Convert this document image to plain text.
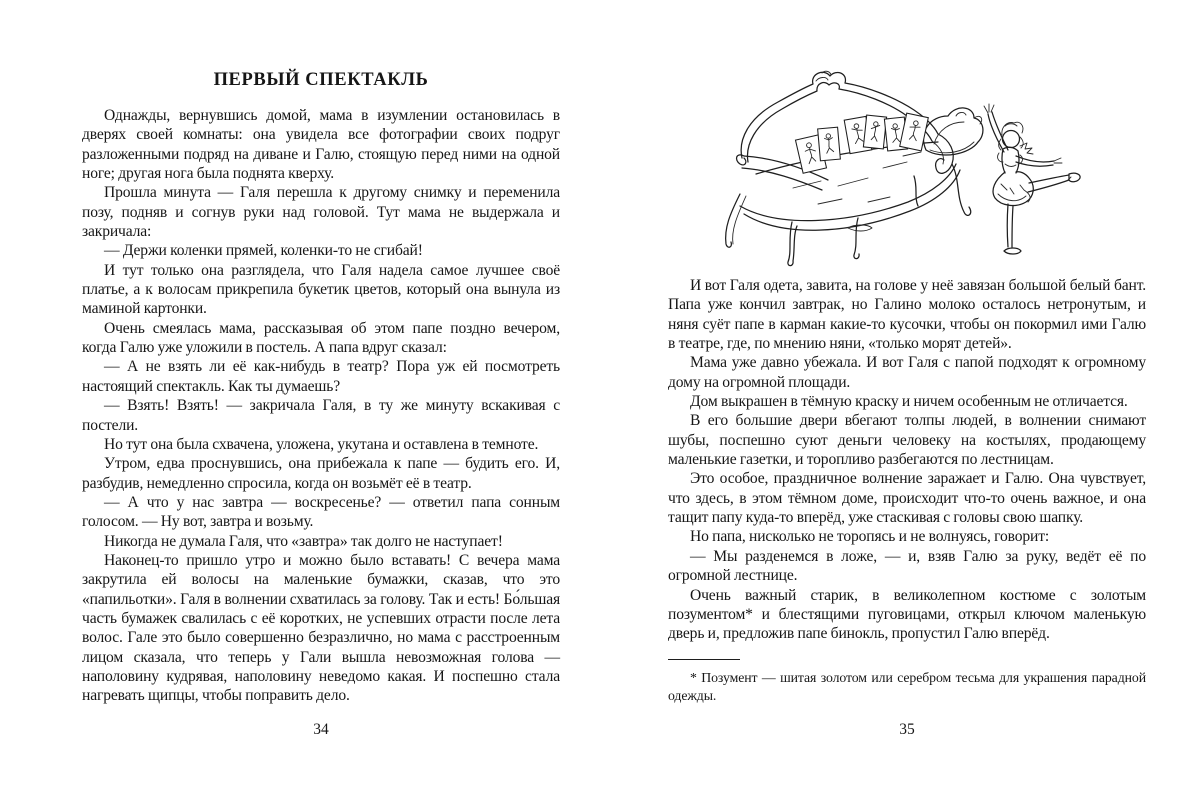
ПЕРВЫЙ СПЕКТАКЛЬ

Однажды, вернувшись домой, мама в изумлении остановилась в дверях своей комнаты: она увидела все фотографии своих подруг разложенными подряд на диване и Галю, стоящую перед ними на одной ноге; другая нога была поднята кверху.

Прошла минута — Галя перешла к другому снимку и переменила позу, подняв и согнув руки над головой. Тут мама не выдержала и закричала:

— Держи коленки прямей, коленки-то не сгибай!

И тут только она разглядела, что Галя надела самое лучшее своё платье, а к волосам прикрепила букетик цветов, который она вынула из маминой картонки.

Очень смеялась мама, рассказывая об этом папе поздно вечером, когда Галю уже уложили в постель. А папа вдруг сказал:

— А не взять ли её как-нибудь в театр? Пора уж ей посмотреть настоящий спектакль. Как ты думаешь?

— Взять! Взять! — закричала Галя, в ту же минуту вскакивая с постели.

Но тут она была схвачена, уложена, укутана и оставлена в темноте.

Утром, едва проснувшись, она прибежала к папе — будить его. И, разбудив, немедленно спросила, когда он возьмёт её в театр.

— А что у нас завтра — воскресенье? — ответил папа сонным голосом. — Ну вот, завтра и возьму.

Никогда не думала Галя, что «завтра» так долго не наступает!

Наконец-то пришло утро и можно было вставать! С вечера мама закрутила ей волосы на маленькие бумажки, сказав, что это «папильотки». Галя в волнении схватилась за голову. Так и есть! Бо́льшая часть бумажек свалилась с её коротких, не успевших отрасти после лета волос. Гале это было совершенно безразлично, но мама с расстроенным лицом сказала, что теперь у Гали вышла невозможная голова — наполовину кудрявая, наполовину неведомо какая. И поспешно стала нагревать щипцы, чтобы поправить дело.

34

И вот Галя одета, завита, на голове у неё завязан большой белый бант. Папа уже кончил завтрак, но Галино молоко осталось нетронутым, и няня суёт папе в карман какие-то кусочки, чтобы он покормил ими Галю в театре, где, по мнению няни, «только морят детей».

Мама уже давно убежала. И вот Галя с папой подходят к огромному дому на огромной площади.

Дом выкрашен в тёмную краску и ничем особенным не отличается.

В его большие двери вбегают толпы людей, в волнении снимают шубы, поспешно суют деньги человеку на костылях, продающему маленькие газетки, и торопливо разбегаются по лестницам.

Это особое, праздничное волнение заражает и Галю. Она чувствует, что здесь, в этом тёмном доме, происходит что-то очень важное, и она тащит папу куда-то вперёд, уже стаскивая с головы свою шапку.

Но папа, нисколько не торопясь и не волнуясь, говорит:

— Мы разденемся в ложе, — и, взяв Галю за руку, ведёт её по огромной лестнице.

Очень важный старик, в великолепном костюме с золотым позументом* и блестящими пуговицами, открыл ключом маленькую дверь и, предложив папе бинокль, пропустил Галю вперёд.

* Позумент — шитая золотом или серебром тесьма для украшения парадной одежды.

35
